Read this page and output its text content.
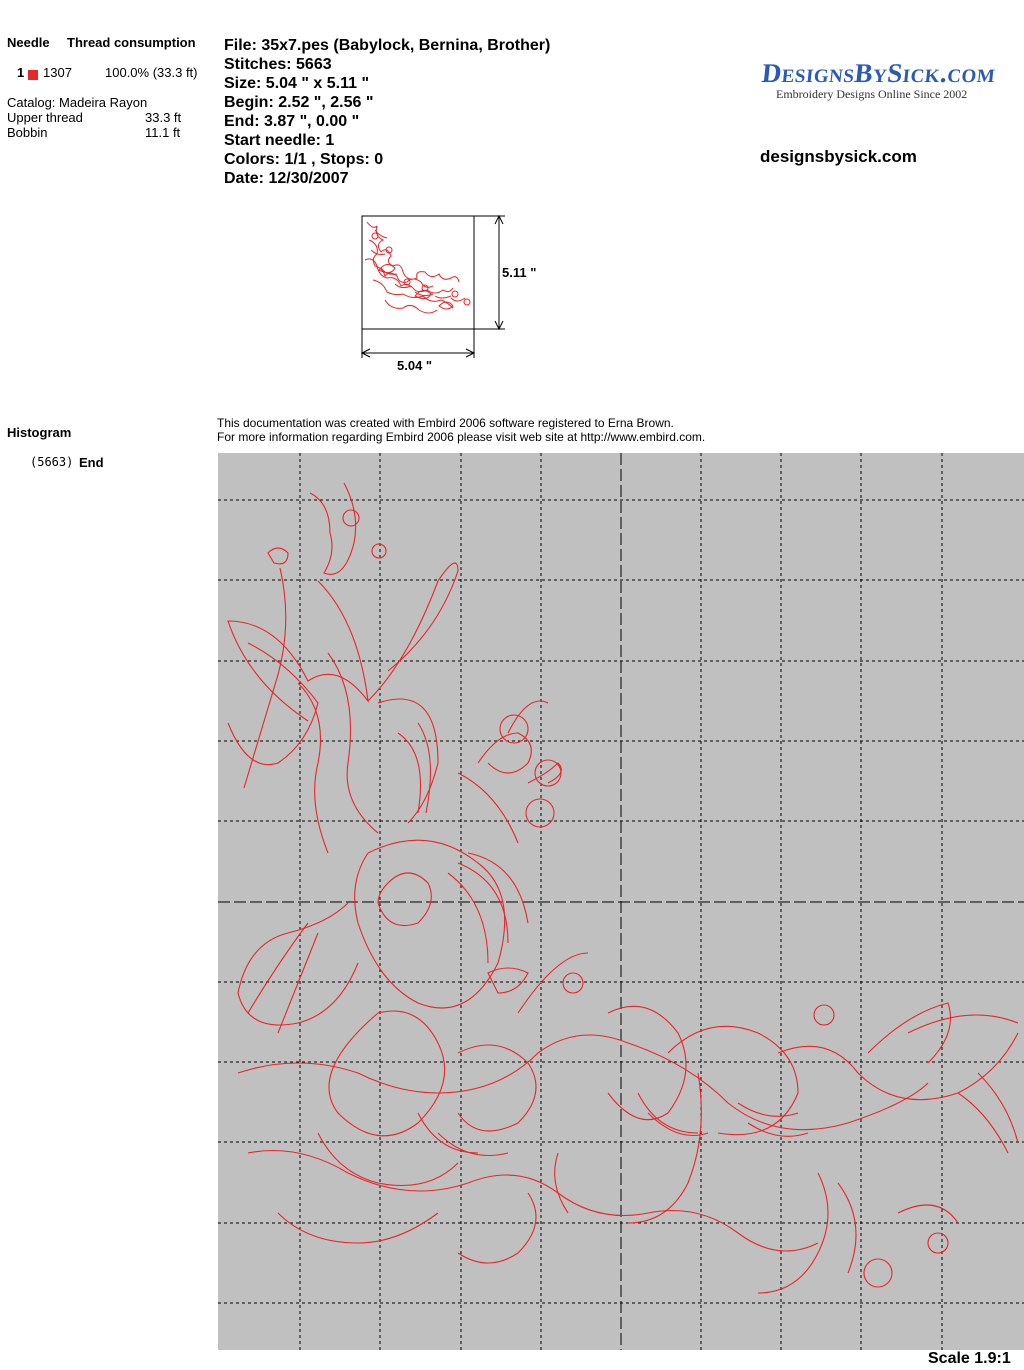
Needle Thread consumption
1 1307	100.0% (33.3 ft)
Catalog: Madeira Rayon
Upper thread	33.3 ft
Bobbin	11.1 ft
File: 35x7.pes (Babylock, Bernina, Brother)
Stitches: 5663
Size: 5.04 " x 5.11 "
Begin: 2.52 ", 2.56 "
End: 3.87 ", 0.00 "
Start needle: 1
Colors: 1/1 , Stops: 0
Date: 12/30/2007
DesignsBySick.com
Embroidery Designs Online Since 2002
designsbysick.com
5.11 "
5.04 "
Histogram
(5663) End
This documentation was created with Embird 2006 software registered to Erna Brown.
For more information regarding Embird 2006 please visit web site at http://www.embird.com.
Scale 1.9:1
